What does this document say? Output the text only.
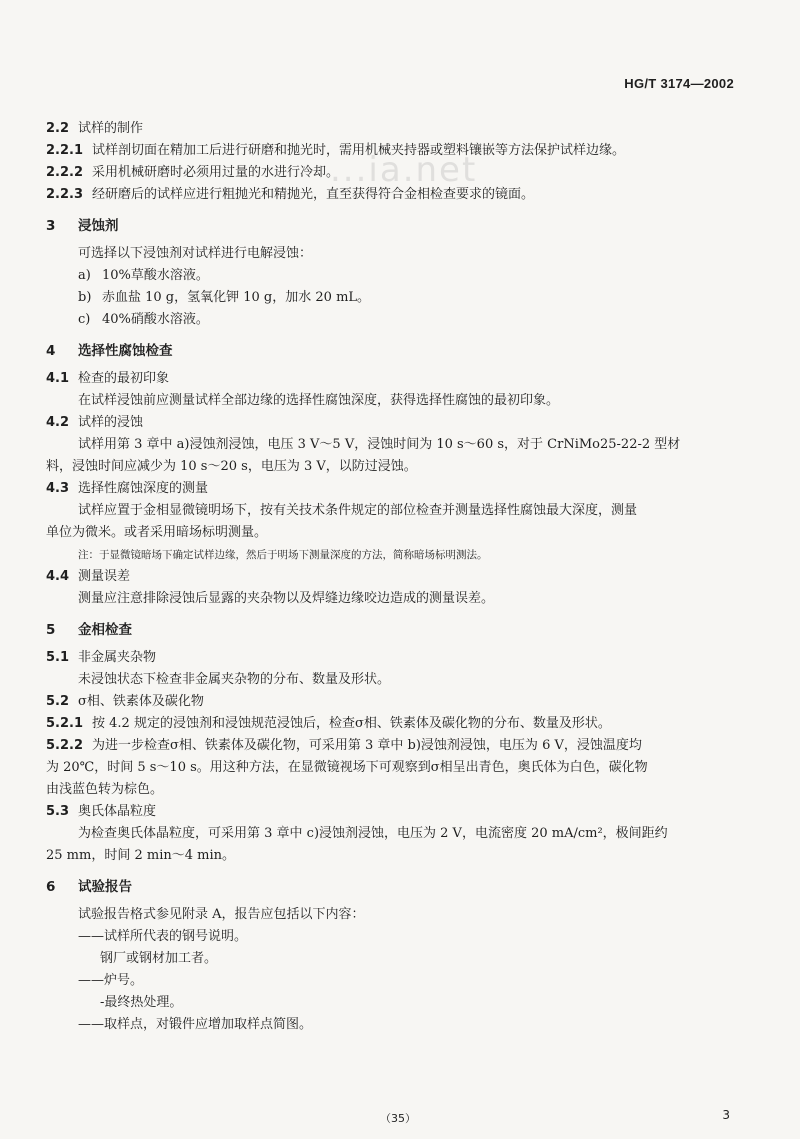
HG/T 3174—2002
...ia.net
2.2 试样的制作
2.2.1 试样剖切面在精加工后进行研磨和抛光时，需用机械夹持器或塑料镶嵌等方法保护试样边缘。
2.2.2 采用机械研磨时必须用过量的水进行冷却。
2.2.3 经研磨后的试样应进行粗抛光和精抛光，直至获得符合金相检查要求的镜面。
3 浸蚀剂
可选择以下浸蚀剂对试样进行电解浸蚀：
a) 10%草酸水溶液。
b) 赤血盐 10 g，氢氧化钾 10 g，加水 20 mL。
c) 40%硝酸水溶液。
4 选择性腐蚀检查
4.1 检查的最初印象
在试样浸蚀前应测量试样全部边缘的选择性腐蚀深度，获得选择性腐蚀的最初印象。
4.2 试样的浸蚀
试样用第 3 章中 a)浸蚀剂浸蚀，电压 3 V～5 V，浸蚀时间为 10 s～60 s，对于 CrNiMo25-22-2 型材
料，浸蚀时间应减少为 10 s～20 s，电压为 3 V，以防过浸蚀。
4.3 选择性腐蚀深度的测量
试样应置于金相显微镜明场下，按有关技术条件规定的部位检查并测量选择性腐蚀最大深度，测量
单位为微米。或者采用暗场标明测量。
注：于显微镜暗场下确定试样边缘，然后于明场下测量深度的方法，简称暗场标明测法。
4.4 测量误差
测量应注意排除浸蚀后显露的夹杂物以及焊缝边缘咬边造成的测量误差。
5 金相检查
5.1 非金属夹杂物
未浸蚀状态下检查非金属夹杂物的分布、数量及形状。
5.2 σ相、铁素体及碳化物
5.2.1 按 4.2 规定的浸蚀剂和浸蚀规范浸蚀后，检查σ相、铁素体及碳化物的分布、数量及形状。
5.2.2 为进一步检查σ相、铁素体及碳化物，可采用第 3 章中 b)浸蚀剂浸蚀，电压为 6 V，浸蚀温度均
为 20℃，时间 5 s～10 s。用这种方法，在显微镜视场下可观察到σ相呈出青色，奥氏体为白色，碳化物
由浅蓝色转为棕色。
5.3 奥氏体晶粒度
为检查奥氏体晶粒度，可采用第 3 章中 c)浸蚀剂浸蚀，电压为 2 V，电流密度 20 mA/cm²，极间距约
25 mm，时间 2 min～4 min。
6 试验报告
试验报告格式参见附录 A，报告应包括以下内容：
——试样所代表的钢号说明。
钢厂或钢材加工者。
——炉号。
-最终热处理。
——取样点，对锻件应增加取样点简图。
（35）	3
